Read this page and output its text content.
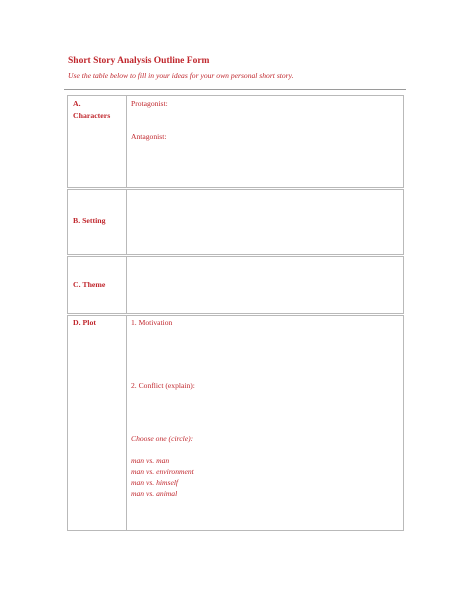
Short Story Analysis Outline Form
Use the table below to fill in your ideas for your own personal short story.
A.
Characters
Protagonist:
Antagonist:
B. Setting
C. Theme
D. Plot	1. Motivation
2. Conflict (explain):
Choose one (circle):
man vs. man
man vs. environment
man vs. himself
man vs. animal
